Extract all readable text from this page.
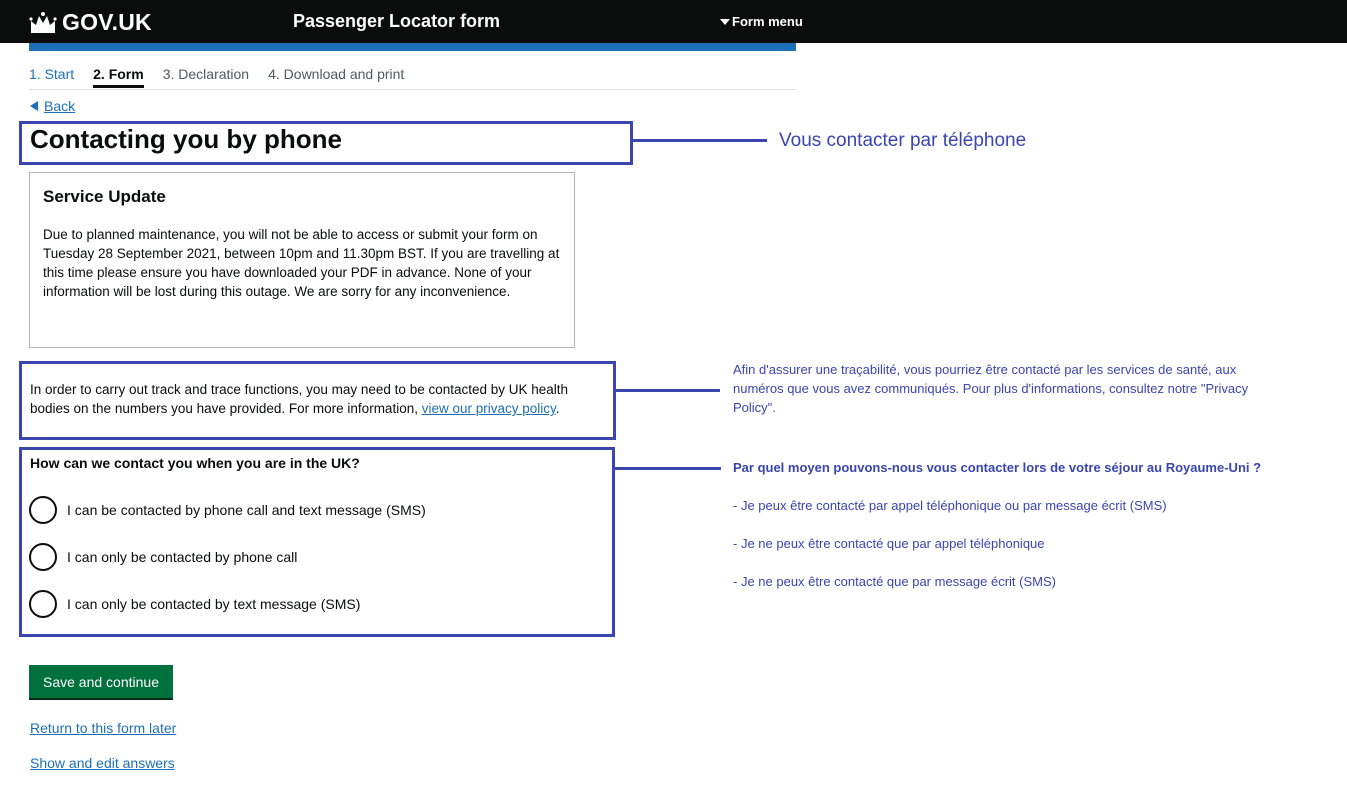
GOV.UK	Passenger Locator form	Form menu
1. Start 2. Form 3. Declaration 4. Download and print
Back
Contacting you by phone
Service Update

Due to planned maintenance, you will not be able to access or submit your form on Tuesday 28 September 2021, between 10pm and 11.30pm BST. If you are travelling at this time please ensure you have downloaded your PDF in advance. None of your information will be lost during this outage. We are sorry for any inconvenience.

In order to carry out track and trace functions, you may need to be contacted by UK health bodies on the numbers you have provided. For more information, view our privacy policy.
How can we contact you when you are in the UK?
I can be contacted by phone call and text message (SMS)
I can only be contacted by phone call
I can only be contacted by text message (SMS)
Save and continue
Return to this form later
Show and edit answers
Vous contacter par téléphone
Afin d'assurer une traçabilité, vous pourriez être contacté par les services de santé, aux numéros que vous avez communiqués. Pour plus d'informations, consultez notre "Privacy Policy".
Par quel moyen pouvons-nous vous contacter lors de votre séjour au Royaume-Uni ?
- Je peux être contacté par appel téléphonique ou par message écrit (SMS)
- Je ne peux être contacté que par appel téléphonique
- Je ne peux être contacté que par message écrit (SMS)
